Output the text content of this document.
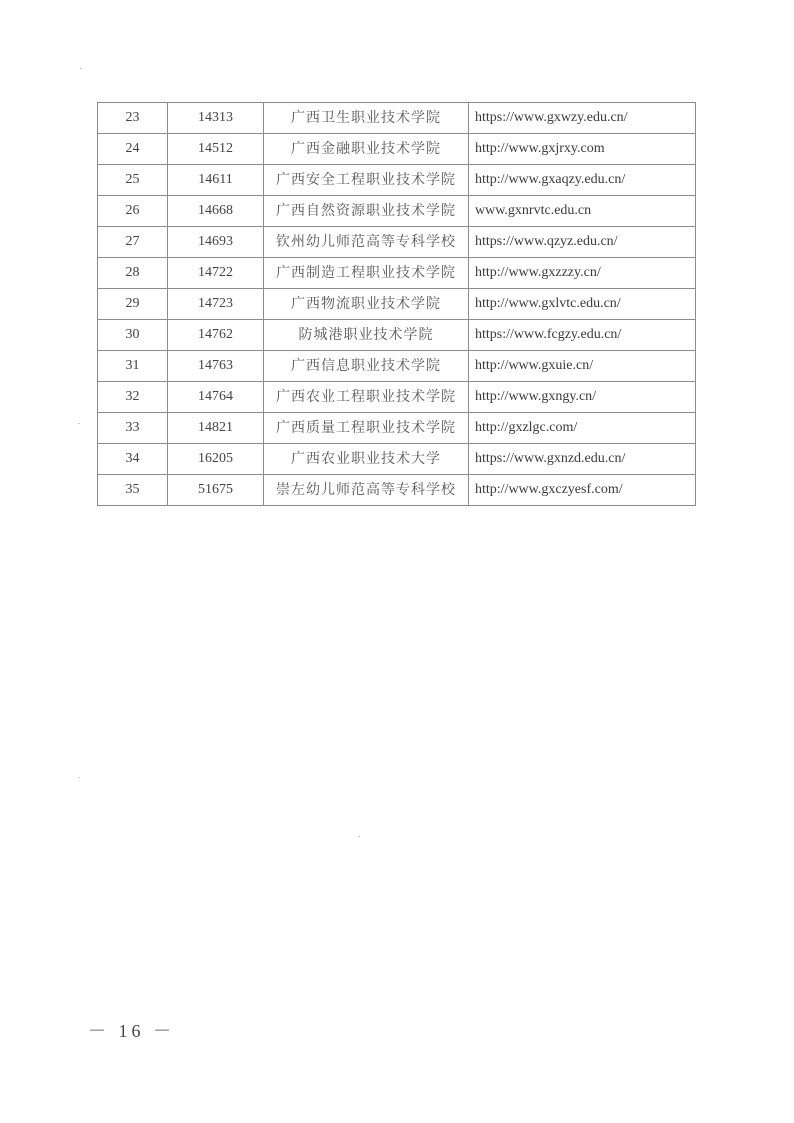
23	14313	广西卫生职业技术学院	https://www.gxwzy.edu.cn/
24	14512	广西金融职业技术学院	http://www.gxjrxy.com
25	14611	广西安全工程职业技术学院	http://www.gxaqzy.edu.cn/
26	14668	广西自然资源职业技术学院	www.gxnrvtc.edu.cn
27	14693	钦州幼儿师范高等专科学校	https://www.qzyz.edu.cn/
28	14722	广西制造工程职业技术学院	http://www.gxzzzy.cn/
29	14723	广西物流职业技术学院	http://www.gxlvtc.edu.cn/
30	14762	防城港职业技术学院	https://www.fcgzy.edu.cn/
31	14763	广西信息职业技术学院	http://www.gxuie.cn/
32	14764	广西农业工程职业技术学院	http://www.gxngy.cn/
33	14821	广西质量工程职业技术学院	http://gxzlgc.com/
34	16205	广西农业职业技术大学	https://www.gxnzd.edu.cn/
35	51675	崇左幼儿师范高等专科学校	http://www.gxczyesf.com/
－ 16 －
